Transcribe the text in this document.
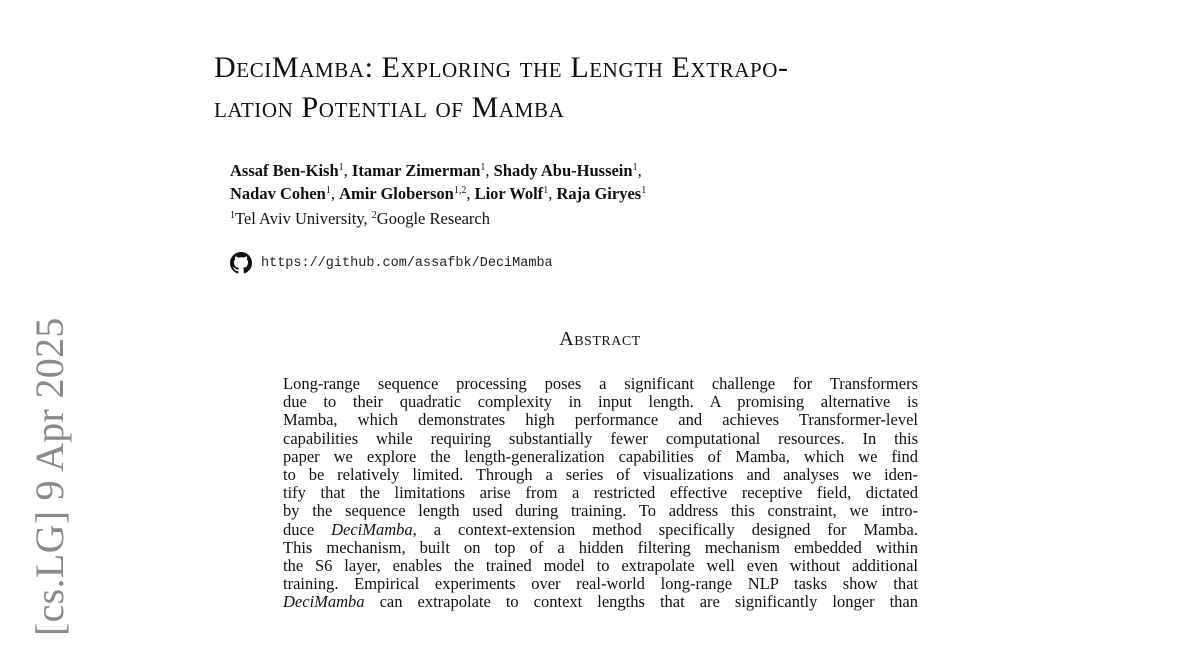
[cs.LG] 9 Apr 2025
DeciMamba: Exploring the Length Extrapo-
lation Potential of Mamba
Assaf Ben-Kish$^1$, Itamar Zimerman$^1$, Shady Abu-Hussein$^1$,
Nadav Cohen$^1$, Amir Globerson$^{1,2}$, Lior Wolf$^1$, Raja Giryes$^1$
$^1$Tel Aviv University, $^2$Google Research
https://github.com/assafbk/DeciMamba
Abstract
Long-range sequence processing poses a significant challenge for Transformers
due to their quadratic complexity in input length. A promising alternative is
Mamba, which demonstrates high performance and achieves Transformer-level
capabilities while requiring substantially fewer computational resources. In this
paper we explore the length-generalization capabilities of Mamba, which we find
to be relatively limited. Through a series of visualizations and analyses we iden-
tify that the limitations arise from a restricted effective receptive field, dictated
by the sequence length used during training. To address this constraint, we intro-
duce DeciMamba, a context-extension method specifically designed for Mamba.
This mechanism, built on top of a hidden filtering mechanism embedded within
the S6 layer, enables the trained model to extrapolate well even without additional
training. Empirical experiments over real-world long-range NLP tasks show that
DeciMamba can extrapolate to context lengths that are significantly longer than
